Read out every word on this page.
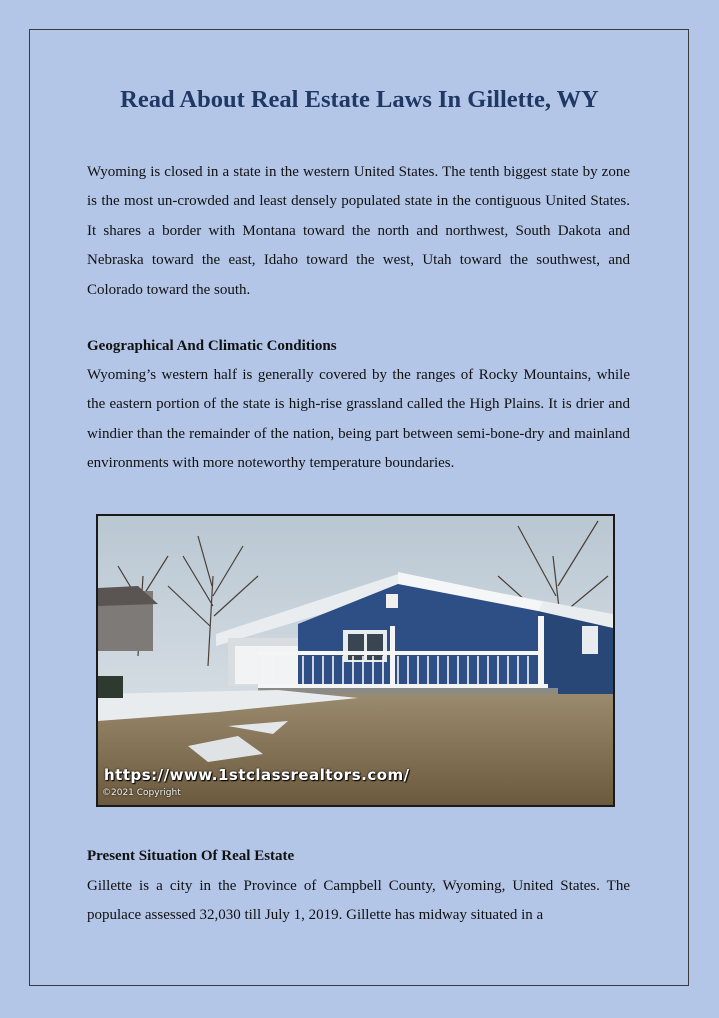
Read About Real Estate Laws In Gillette, WY

Wyoming is closed in a state in the western United States. The tenth biggest state by zone is the most un-crowded and least densely populated state in the contiguous United States. It shares a border with Montana toward the north and northwest, South Dakota and Nebraska toward the east, Idaho toward the west, Utah toward the southwest, and Colorado toward the south.

Geographical And Climatic Conditions

Wyoming’s western half is generally covered by the ranges of Rocky Mountains, while the eastern portion of the state is high-rise grassland called the High Plains. It is drier and windier than the remainder of the nation, being part between semi-bone-dry and mainland environments with more noteworthy temperature boundaries.

https://www.1stclassrealtors.com/
©2021 Copyright

Present Situation Of Real Estate

Gillette is a city in the Province of Campbell County, Wyoming, United States. The populace assessed 32,030 till July 1, 2019. Gillette has midway situated in a
